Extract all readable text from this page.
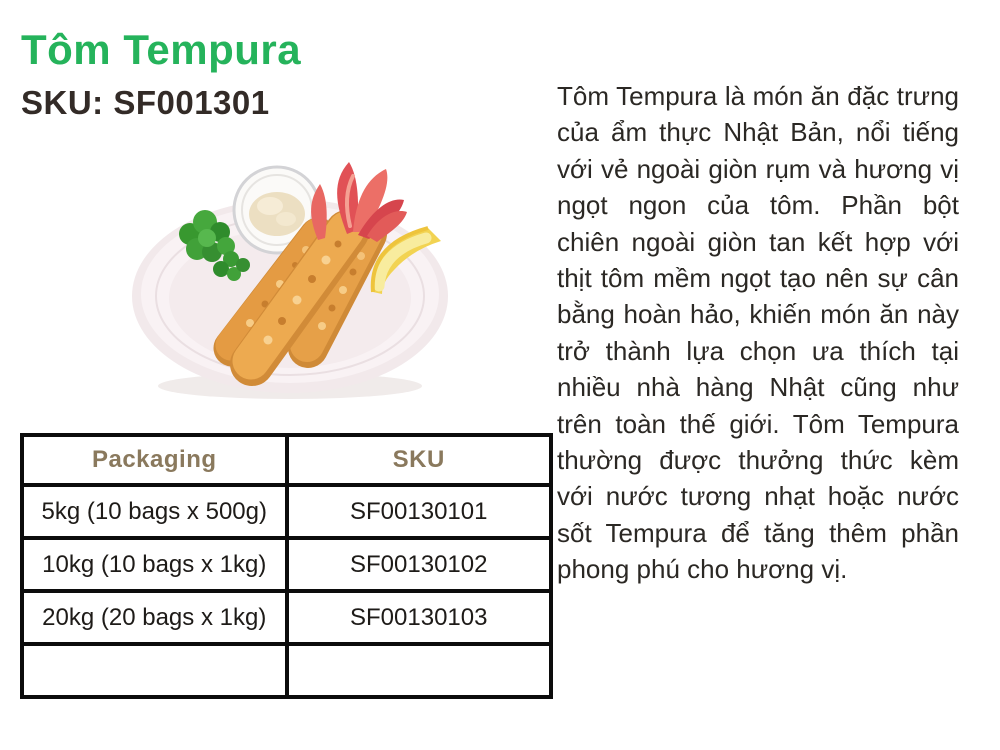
Tôm Tempura
SKU: SF001301
Packaging	SKU
5kg (10 bags x 500g)	SF00130101
10kg (10 bags x 1kg)	SF00130102
20kg (20 bags x 1kg)	SF00130103

Tôm Tempura là món ăn đặc trưng của ẩm thực Nhật Bản, nổi tiếng với vẻ ngoài giòn rụm và hương vị ngọt ngon của tôm. Phần bột chiên ngoài giòn tan kết hợp với thịt tôm mềm ngọt tạo nên sự cân bằng hoàn hảo, khiến món ăn này trở thành lựa chọn ưa thích tại nhiều nhà hàng Nhật cũng như trên toàn thế giới. Tôm Tempura thường được thưởng thức kèm với nước tương nhạt hoặc nước sốt Tempura để tăng thêm phần phong phú cho hương vị.
